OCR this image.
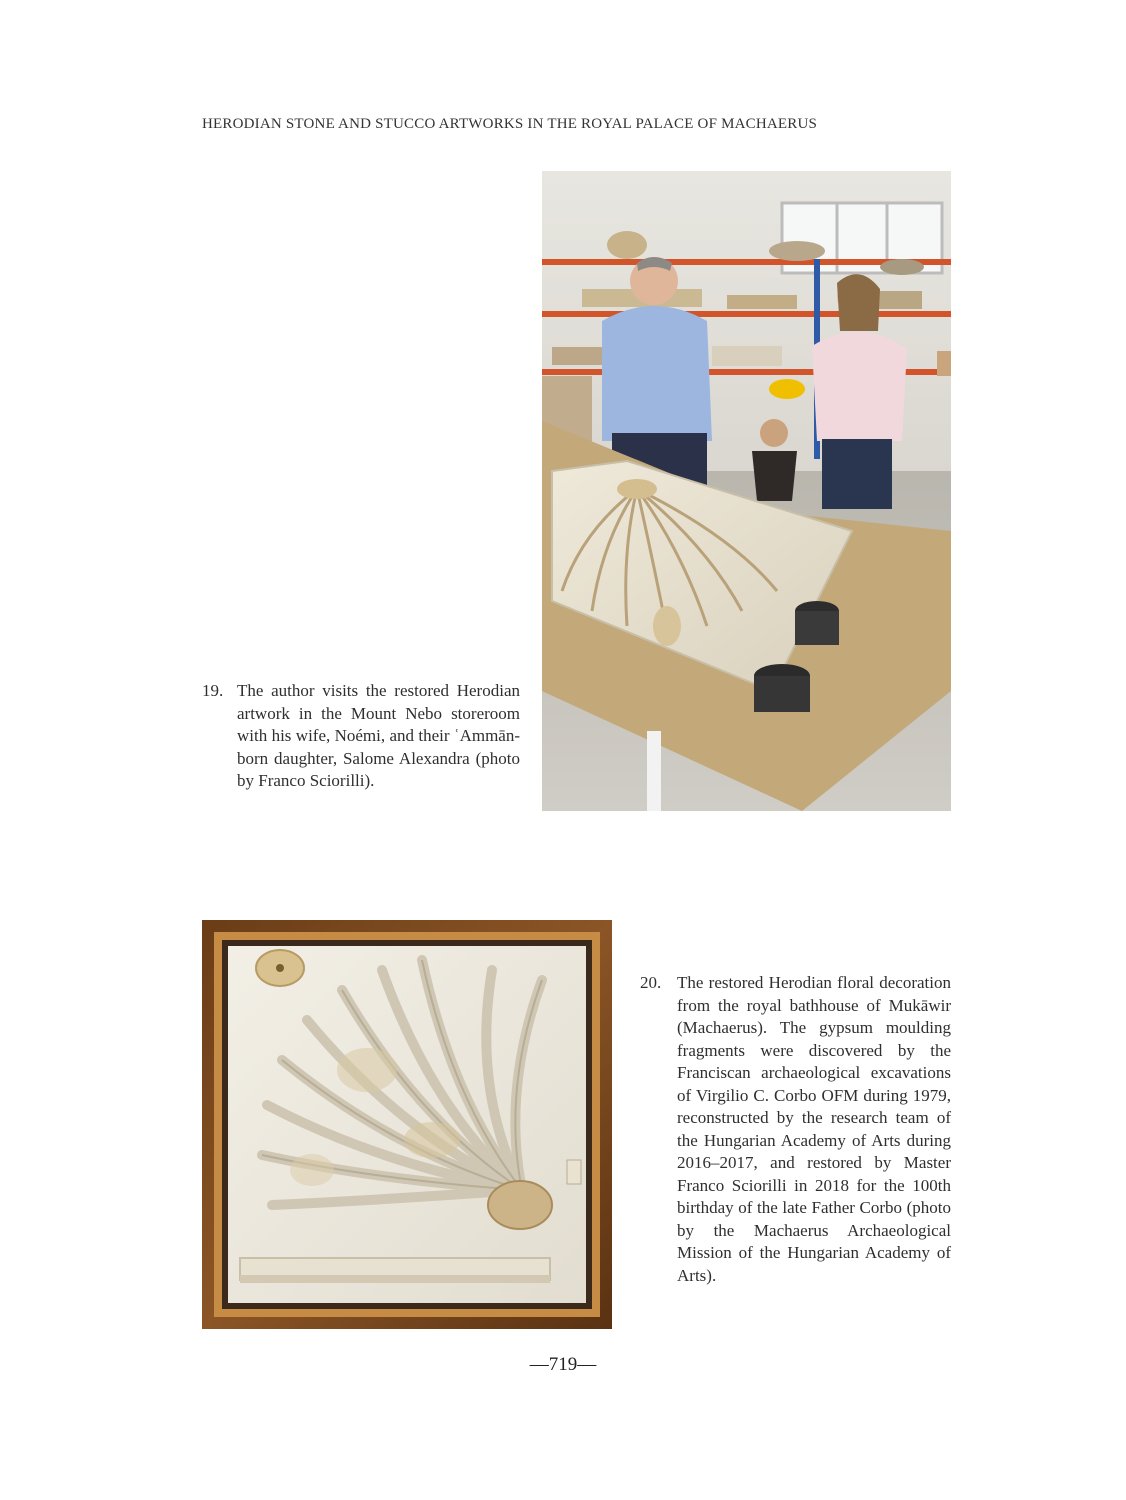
HERODIAN STONE AND STUCCO ARTWORKS IN THE ROYAL PALACE OF MACHAERUS
19. The author visits the restored Herodian artwork in the Mount Nebo storeroom with his wife, Noémi, and their ʿAmmān-born daughter, Salome Alexandra (photo by Franco Sciorilli).
20. The restored Herodian floral decoration from the royal bathhouse of Mukāwir (Machaerus). The gypsum moulding fragments were discovered by the Franciscan archaeological excavations of Virgilio C. Corbo OFM during 1979, reconstructed by the research team of the Hungarian Academy of Arts during 2016–2017, and restored by Master Franco Sciorilli in 2018 for the 100th birthday of the late Father Corbo (photo by the Machaerus Archaeological Mission of the Hungarian Academy of Arts).
—719—
